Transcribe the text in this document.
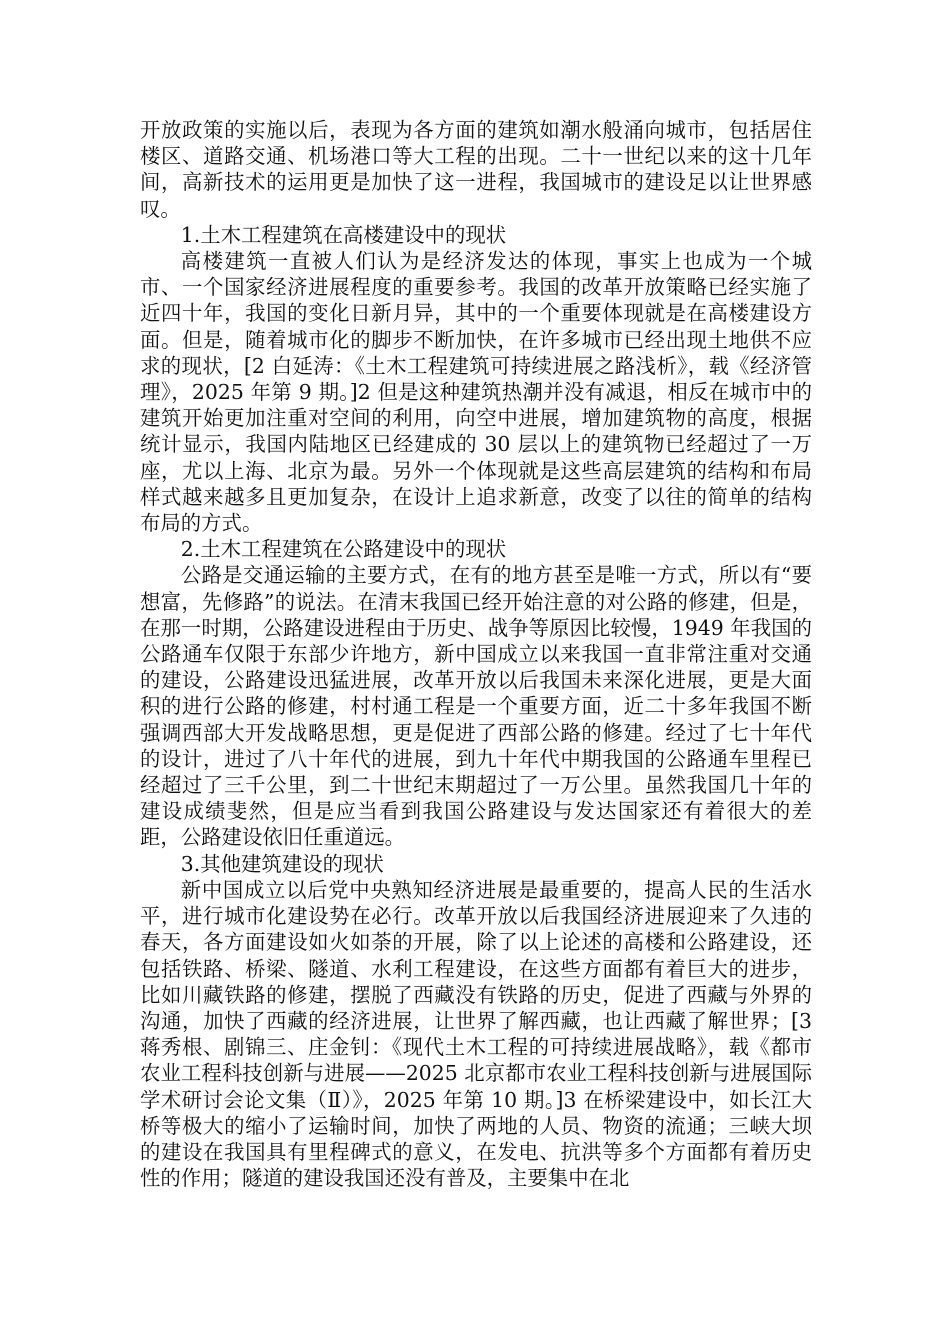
开放政策的实施以后，表现为各方面的建筑如潮水般涌向城市，包括居住楼区、道路交通、机场港口等大工程的出现。二十一世纪以来的这十几年间，高新技术的运用更是加快了这一进程，我国城市的建设足以让世界感叹。

1.土木工程建筑在高楼建设中的现状

高楼建筑一直被人们认为是经济发达的体现，事实上也成为一个城市、一个国家经济进展程度的重要参考。我国的改革开放策略已经实施了近四十年，我国的变化日新月异，其中的一个重要体现就是在高楼建设方面。但是，随着城市化的脚步不断加快，在许多城市已经出现土地供不应求的现状，[2 白延涛：《土木工程建筑可持续进展之路浅析》，载《经济管理》，2025 年第 9 期。]2 但是这种建筑热潮并没有减退，相反在城市中的建筑开始更加注重对空间的利用，向空中进展，增加建筑物的高度，根据统计显示，我国内陆地区已经建成的 30 层以上的建筑物已经超过了一万座，尤以上海、北京为最。另外一个体现就是这些高层建筑的结构和布局样式越来越多且更加复杂，在设计上追求新意，改变了以往的简单的结构布局的方式。

2.土木工程建筑在公路建设中的现状

公路是交通运输的主要方式，在有的地方甚至是唯一方式，所以有“要想富，先修路”的说法。在清末我国已经开始注意的对公路的修建，但是，在那一时期，公路建设进程由于历史、战争等原因比较慢，1949 年我国的公路通车仅限于东部少许地方，新中国成立以来我国一直非常注重对交通的建设，公路建设迅猛进展，改革开放以后我国未来深化进展，更是大面积的进行公路的修建，村村通工程是一个重要方面，近二十多年我国不断强调西部大开发战略思想，更是促进了西部公路的修建。经过了七十年代的设计，进过了八十年代的进展，到九十年代中期我国的公路通车里程已经超过了三千公里，到二十世纪末期超过了一万公里。虽然我国几十年的建设成绩斐然，但是应当看到我国公路建设与发达国家还有着很大的差距，公路建设依旧任重道远。

3.其他建筑建设的现状

新中国成立以后党中央熟知经济进展是最重要的，提高人民的生活水平，进行城市化建设势在必行。改革开放以后我国经济进展迎来了久违的春天，各方面建设如火如荼的开展，除了以上论述的高楼和公路建设，还包括铁路、桥梁、隧道、水利工程建设，在这些方面都有着巨大的进步，比如川藏铁路的修建，摆脱了西藏没有铁路的历史，促进了西藏与外界的沟通，加快了西藏的经济进展，让世界了解西藏，也让西藏了解世界；[3 蒋秀根、剧锦三、庄金钊：《现代土木工程的可持续进展战略》，载《都市农业工程科技创新与进展——2025 北京都市农业工程科技创新与进展国际学术研讨会论文集（Ⅱ）》，2025 年第 10 期。]3 在桥梁建设中，如长江大桥等极大的缩小了运输时间，加快了两地的人员、物资的流通；三峡大坝的建设在我国具有里程碑式的意义，在发电、抗洪等多个方面都有着历史性的作用；隧道的建设我国还没有普及，主要集中在北
